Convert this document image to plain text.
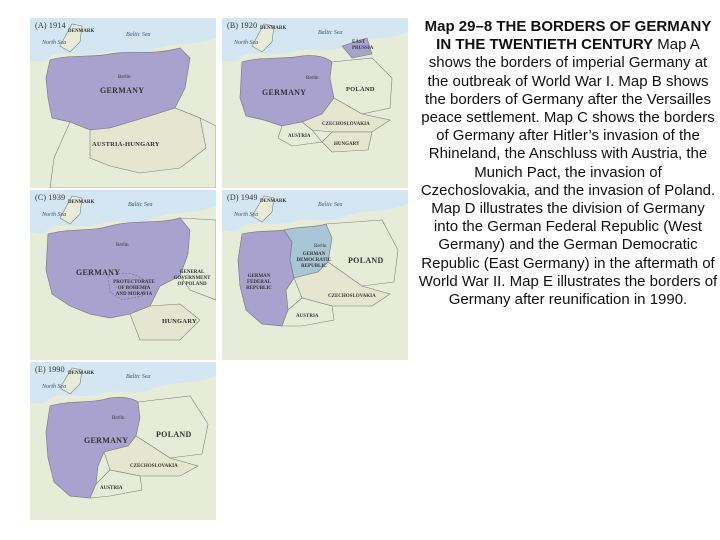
(A) 1914
DENMARK
North Sea
Baltic Sea
Berlin
GERMANY
AUSTRIA-HUNGARY
(B) 1920 DENMARK
North Sea
Baltic Sea
EAST PRUSSIA
Berlin
GERMANY	POLAND
CZECHOSLOVAKIA
AUSTRIA
HUNGARY
(C) 1939
DENMARK
North Sea
Baltic Sea
Berlin
GERMANY	GENERAL GOVERNMENT OF POLAND
PROTECTORATE OF BOHEMIA AND MORAVIA
HUNGARY
(D) 1949 DENMARK
North Sea
Baltic Sea
Berlin
GERMAN DEMOCRATIC REPUBLIC
GERMAN FEDERAL REPUBLIC
POLAND
CZECHOSLOVAKIA
AUSTRIA
(E) 1990 DENMARK
North Sea
Baltic Sea
Berlin
GERMANY
POLAND
CZECHOSLOVAKIA
AUSTRIA
Map 29–8 THE BORDERS OF GERMANY IN THE TWENTIETH CENTURY Map A shows the borders of imperial Germany at the outbreak of World War I. Map B shows the borders of Germany after the Versailles peace settlement. Map C shows the borders of Germany after Hitler’s invasion of the Rhineland, the Anschluss with Austria, the Munich Pact, the invasion of Czechoslovakia, and the invasion of Poland. Map D illustrates the division of Germany into the German Federal Republic (West Germany) and the German Democratic Republic (East Germany) in the aftermath of World War II. Map E illustrates the borders of Germany after reunification in 1990.
